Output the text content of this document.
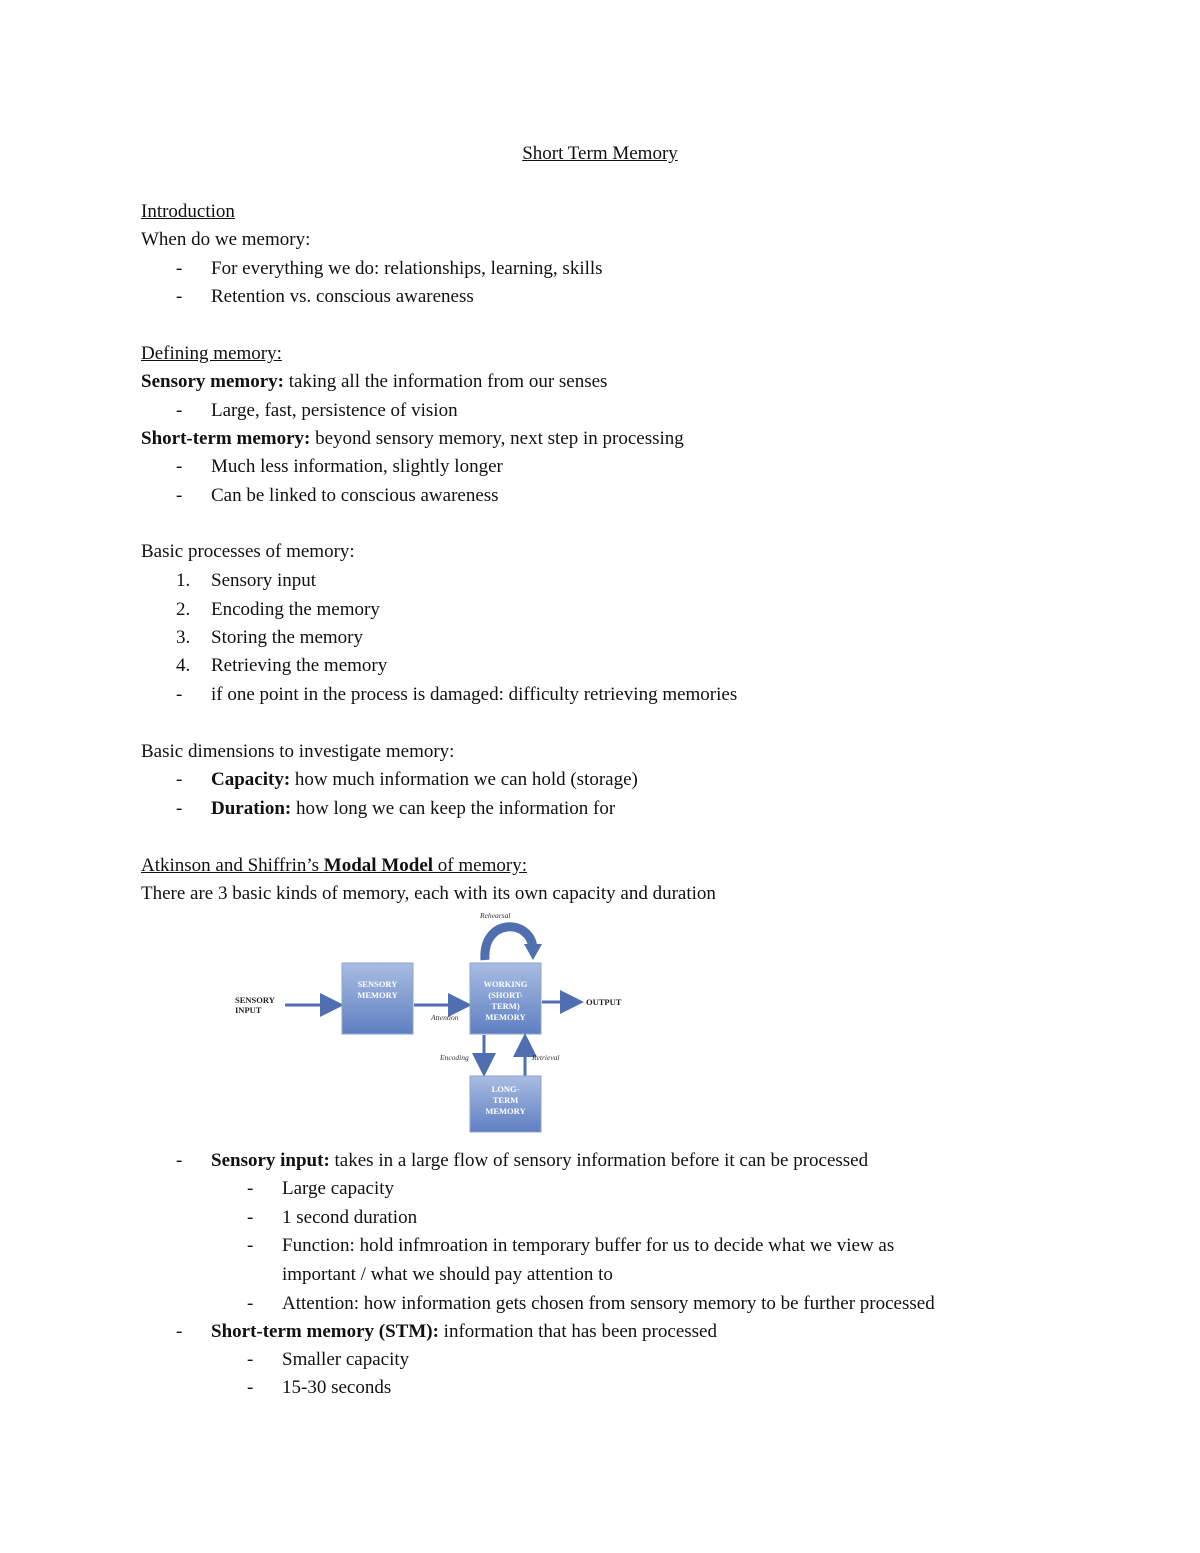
Short Term Memory
Introduction
When do we memory:
- For everything we do: relationships, learning, skills
- Retention vs. conscious awareness
Defining memory:
Sensory memory: taking all the information from our senses
- Large, fast, persistence of vision
Short-term memory: beyond sensory memory, next step in processing
- Much less information, slightly longer
- Can be linked to conscious awareness
Basic processes of memory:
1. Sensory input
2. Encoding the memory
3. Storing the memory
4. Retrieving the memory
- if one point in the process is damaged: difficulty retrieving memories
Basic dimensions to investigate memory:
- Capacity: how much information we can hold (storage)
- Duration: how long we can keep the information for
Atkinson and Shiffrin’s Modal Model of memory:
There are 3 basic kinds of memory, each with its own capacity and duration
Rehearsal
SENSORY
INPUT
SENSORY
MEMORY
Attention
WORKING
(SHORT-
TERM)
MEMORY
OUTPUT
Encoding	Retrieval
LONG-
TERM
MEMORY
- Sensory input: takes in a large flow of sensory information before it can be processed
- Large capacity
- 1 second duration
- Function: hold infmroation in temporary buffer for us to decide what we view as
important / what we should pay attention to
- Attention: how information gets chosen from sensory memory to be further processed
- Short-term memory (STM): information that has been processed
- Smaller capacity
- 15-30 seconds
